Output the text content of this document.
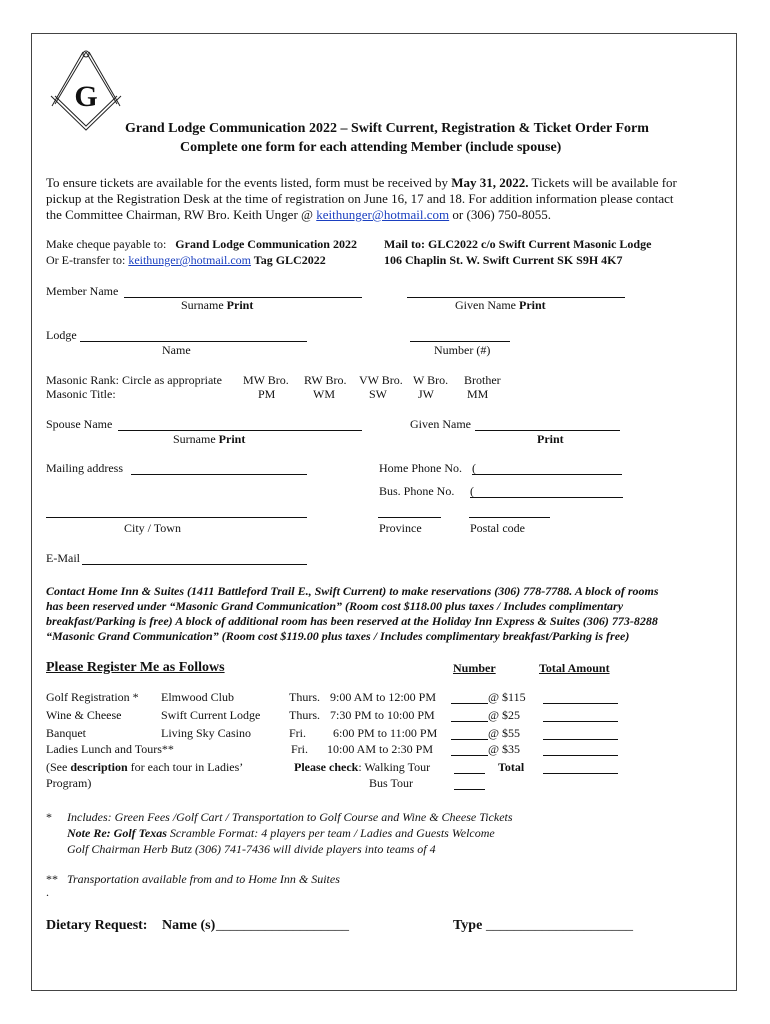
G
Grand Lodge Communication 2022 – Swift Current, Registration & Ticket Order Form
Complete one form for each attending Member (include spouse)
To ensure tickets are available for the events listed, form must be received by May 31, 2022. Tickets will be available for
pickup at the Registration Desk at the time of registration on June 16, 17 and 18. For addition information please contact
the Committee Chairman, RW Bro. Keith Unger @ keithunger@hotmail.com or (306) 750-8055.
Make cheque payable to: Grand Lodge Communication 2022
Or E-transfer to: keithunger@hotmail.com Tag GLC2022
Mail to: GLC2022 c/o Swift Current Masonic Lodge
106 Chaplin St. W. Swift Current SK S9H 4K7
Member Name
Surname Print	Given Name Print
Lodge
Name	Number (#)
Masonic Rank: Circle as appropriate
Masonic Title:
MW Bro. RW Bro. VW Bro. W Bro. Brother
PM	WM	SW	JW	MM
Spouse Name
Surname Print
Given Name
Print
Mailing address	Home Phone No. (
Bus. Phone No. (
City / Town	Province	Postal code
E-Mail
Contact Home Inn & Suites (1411 Battleford Trail E., Swift Current) to make reservations (306) 778-7788. A block of rooms
has been reserved under “Masonic Grand Communication” (Room cost $118.00 plus taxes / Includes complimentary
breakfast/Parking is free) A block of additional room has been reserved at the Holiday Inn Express & Suites (306) 773-8288
“Masonic Grand Communication” (Room cost $119.00 plus taxes / Includes complimentary breakfast/Parking is free)
Please Register Me as Follows	Number	Total Amount
Golf Registration * Elmwood Club	Thurs. 9:00 AM to 12:00 PM	@ $115
Wine & Cheese	Swift Current Lodge Thurs. 7:30 PM to 10:00 PM	@ $25
Banquet	Living Sky Casino	Fri. 6:00 PM to 11:00 PM	@ $55
Ladies Lunch and Tours**	Fri. 10:00 AM to 2:30 PM	@ $35
(See description for each tour in Ladies’
Program)
Please check: Walking Tour	Total
Bus Tour
* Includes: Green Fees /Golf Cart / Transportation to Golf Course and Wine & Cheese Tickets
Note Re: Golf Texas Scramble Format: 4 players per team / Ladies and Guests Welcome
Golf Chairman Herb Butz (306) 741-7436 will divide players into teams of 4
** Transportation available from and to Home Inn & Suites
.
Dietary Request: Name (s) ___________________	Type _____________________
